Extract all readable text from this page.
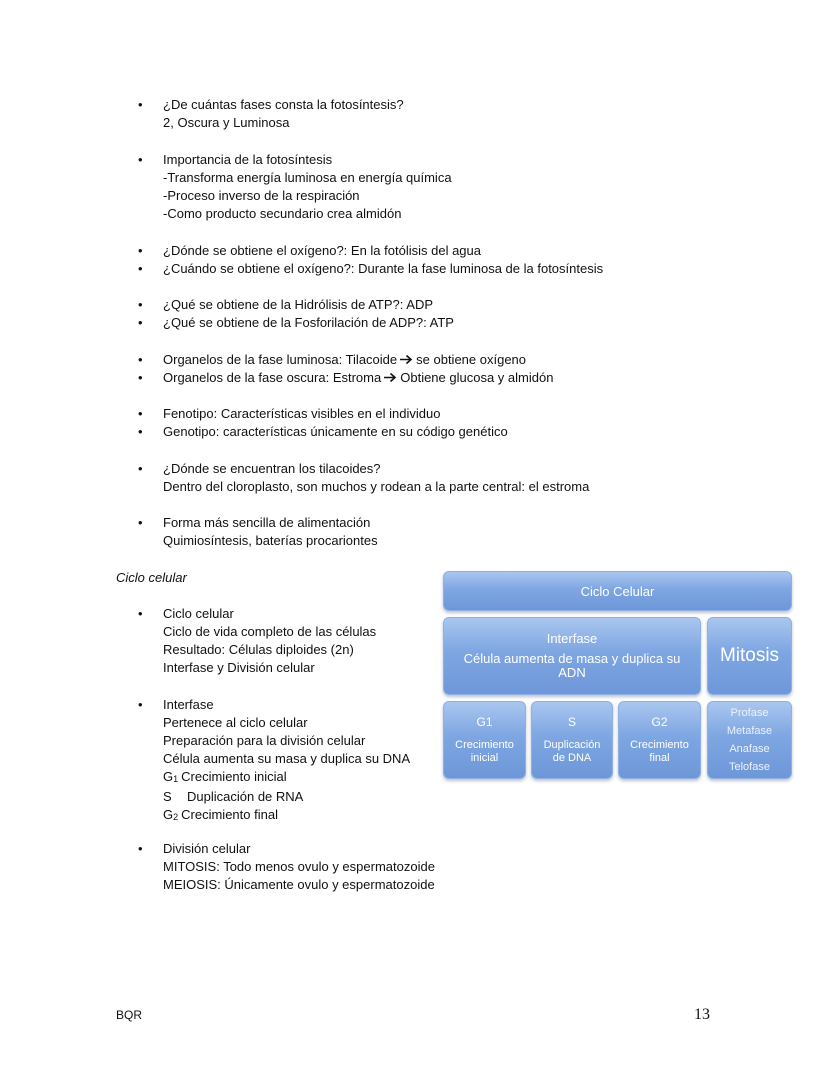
•	¿De cuántas fases consta la fotosíntesis?
2, Oscura y Luminosa
•	Importancia de la fotosíntesis
-Transforma energía luminosa en energía química
-Proceso inverso de la respiración
-Como producto secundario crea almidón
•	¿Dónde se obtiene el oxígeno?: En la fotólisis del agua
•	¿Cuándo se obtiene el oxígeno?: Durante la fase luminosa de la fotosíntesis
•	¿Qué se obtiene de la Hidrólisis de ATP?: ADP
•	¿Qué se obtiene de la Fosforilación de ADP?: ATP
•	Organelos de la fase luminosa: Tilacoide se obtiene oxígeno
•	Organelos de la fase oscura: Estroma Obtiene glucosa y almidón
•	Fenotipo: Características visibles en el individuo
•	Genotipo: características únicamente en su código genético
•	¿Dónde se encuentran los tilacoides?
Dentro del cloroplasto, son muchos y rodean a la parte central: el estroma
•	Forma más sencilla de alimentación
Quimiosíntesis, baterías procariontes
Ciclo celular
•	Ciclo celular
Ciclo de vida completo de las células
Resultado: Células diploides (2n)
Interfase y División celular
•	Interfase
Pertenece al ciclo celular
Preparación para la división celular
Célula aumenta su masa y duplica su DNA
G1 Crecimiento inicial
S Duplicación de RNA
G2 Crecimiento final
•	División celular
MITOSIS: Todo menos ovulo y espermatozoide
MEIOSIS: Únicamente ovulo y espermatozoide
Ciclo Celular
Interfase
Célula aumenta de masa y duplica su ADN
Mitosis
G1
Crecimiento inicial
S
Duplicación de DNA
G2
Crecimiento final
Profase
Metafase
Anafase
Telofase
BQR	13
